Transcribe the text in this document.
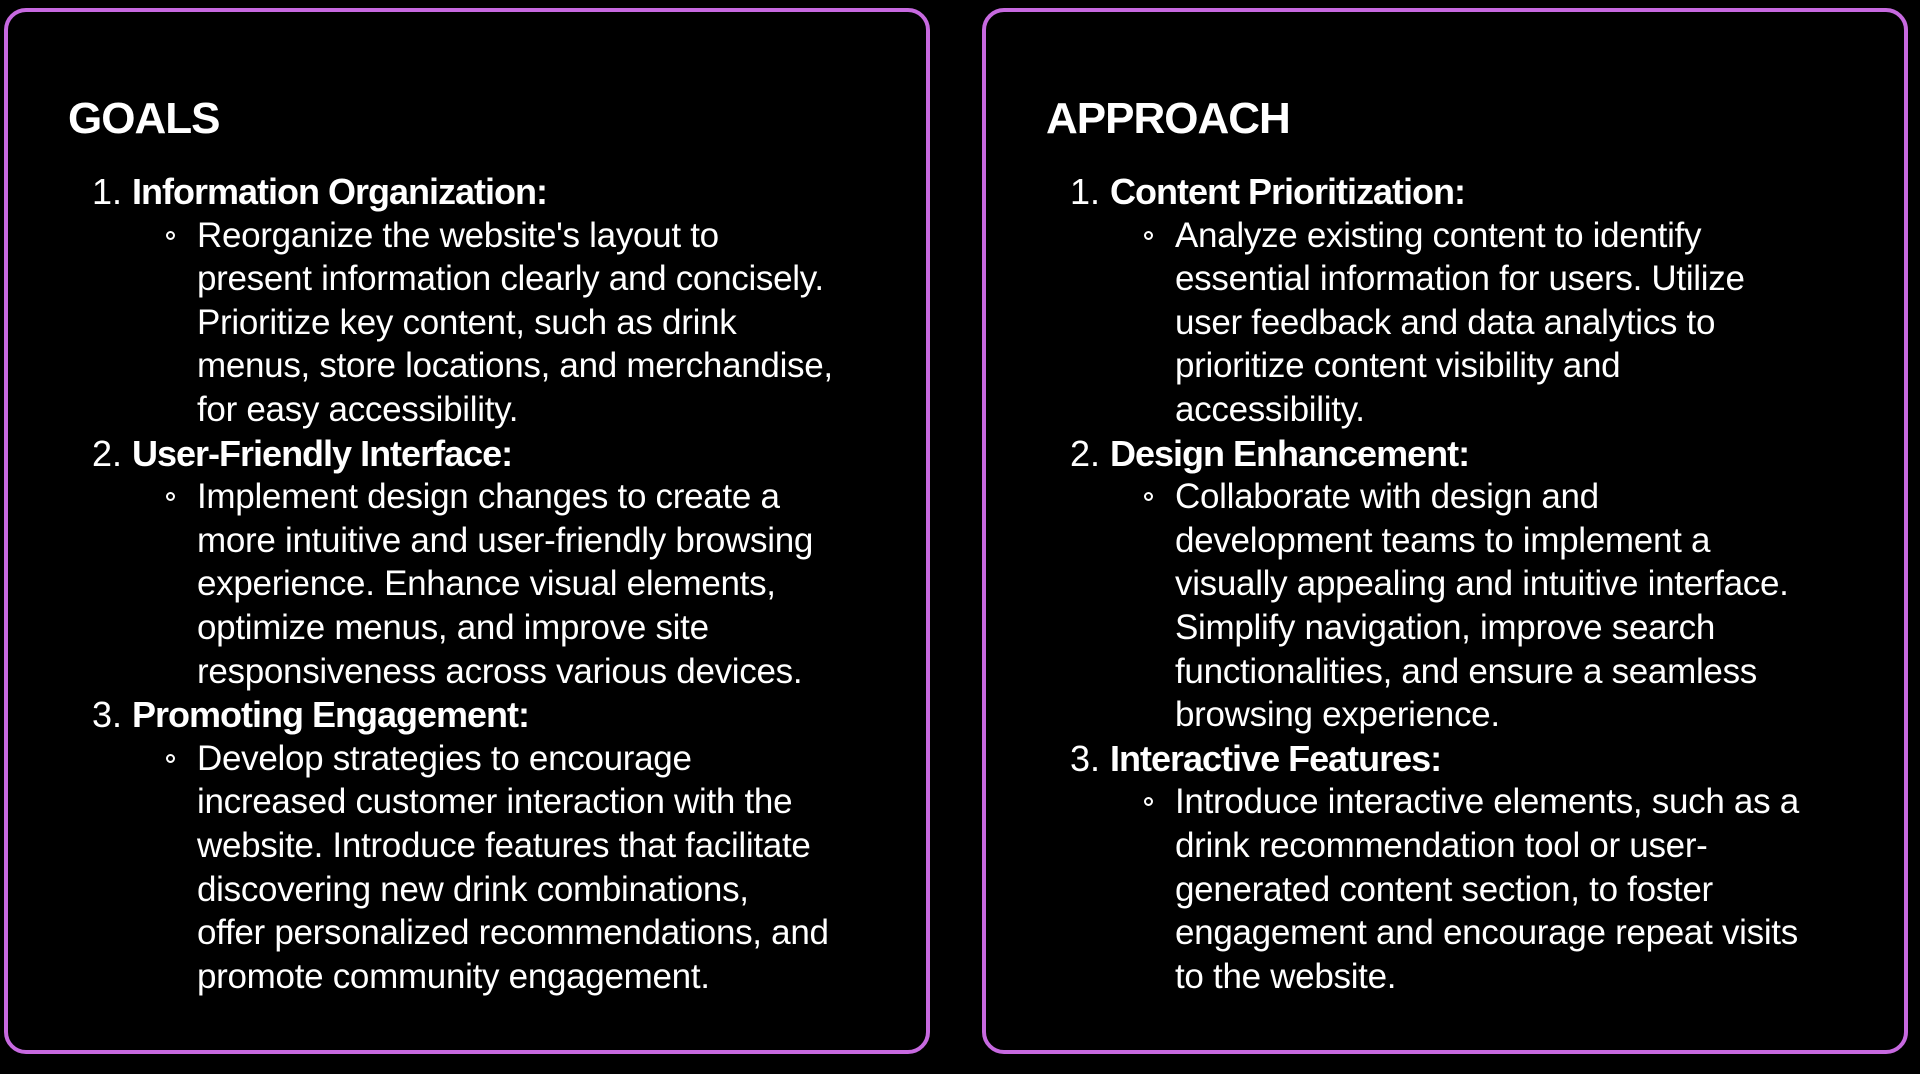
GOALS
1. Information Organization:
Reorganize the website's layout to
present information clearly and concisely.
Prioritize key content, such as drink
menus, store locations, and merchandise,
for easy accessibility.
2. User-Friendly Interface:
Implement design changes to create a
more intuitive and user-friendly browsing
experience. Enhance visual elements,
optimize menus, and improve site
responsiveness across various devices.
3. Promoting Engagement:
Develop strategies to encourage
increased customer interaction with the
website. Introduce features that facilitate
discovering new drink combinations,
offer personalized recommendations, and
promote community engagement.
APPROACH
1. Content Prioritization:
Analyze existing content to identify
essential information for users. Utilize
user feedback and data analytics to
prioritize content visibility and
accessibility.
2. Design Enhancement:
Collaborate with design and
development teams to implement a
visually appealing and intuitive interface.
Simplify navigation, improve search
functionalities, and ensure a seamless
browsing experience.
3. Interactive Features:
Introduce interactive elements, such as a
drink recommendation tool or user-
generated content section, to foster
engagement and encourage repeat visits
to the website.
